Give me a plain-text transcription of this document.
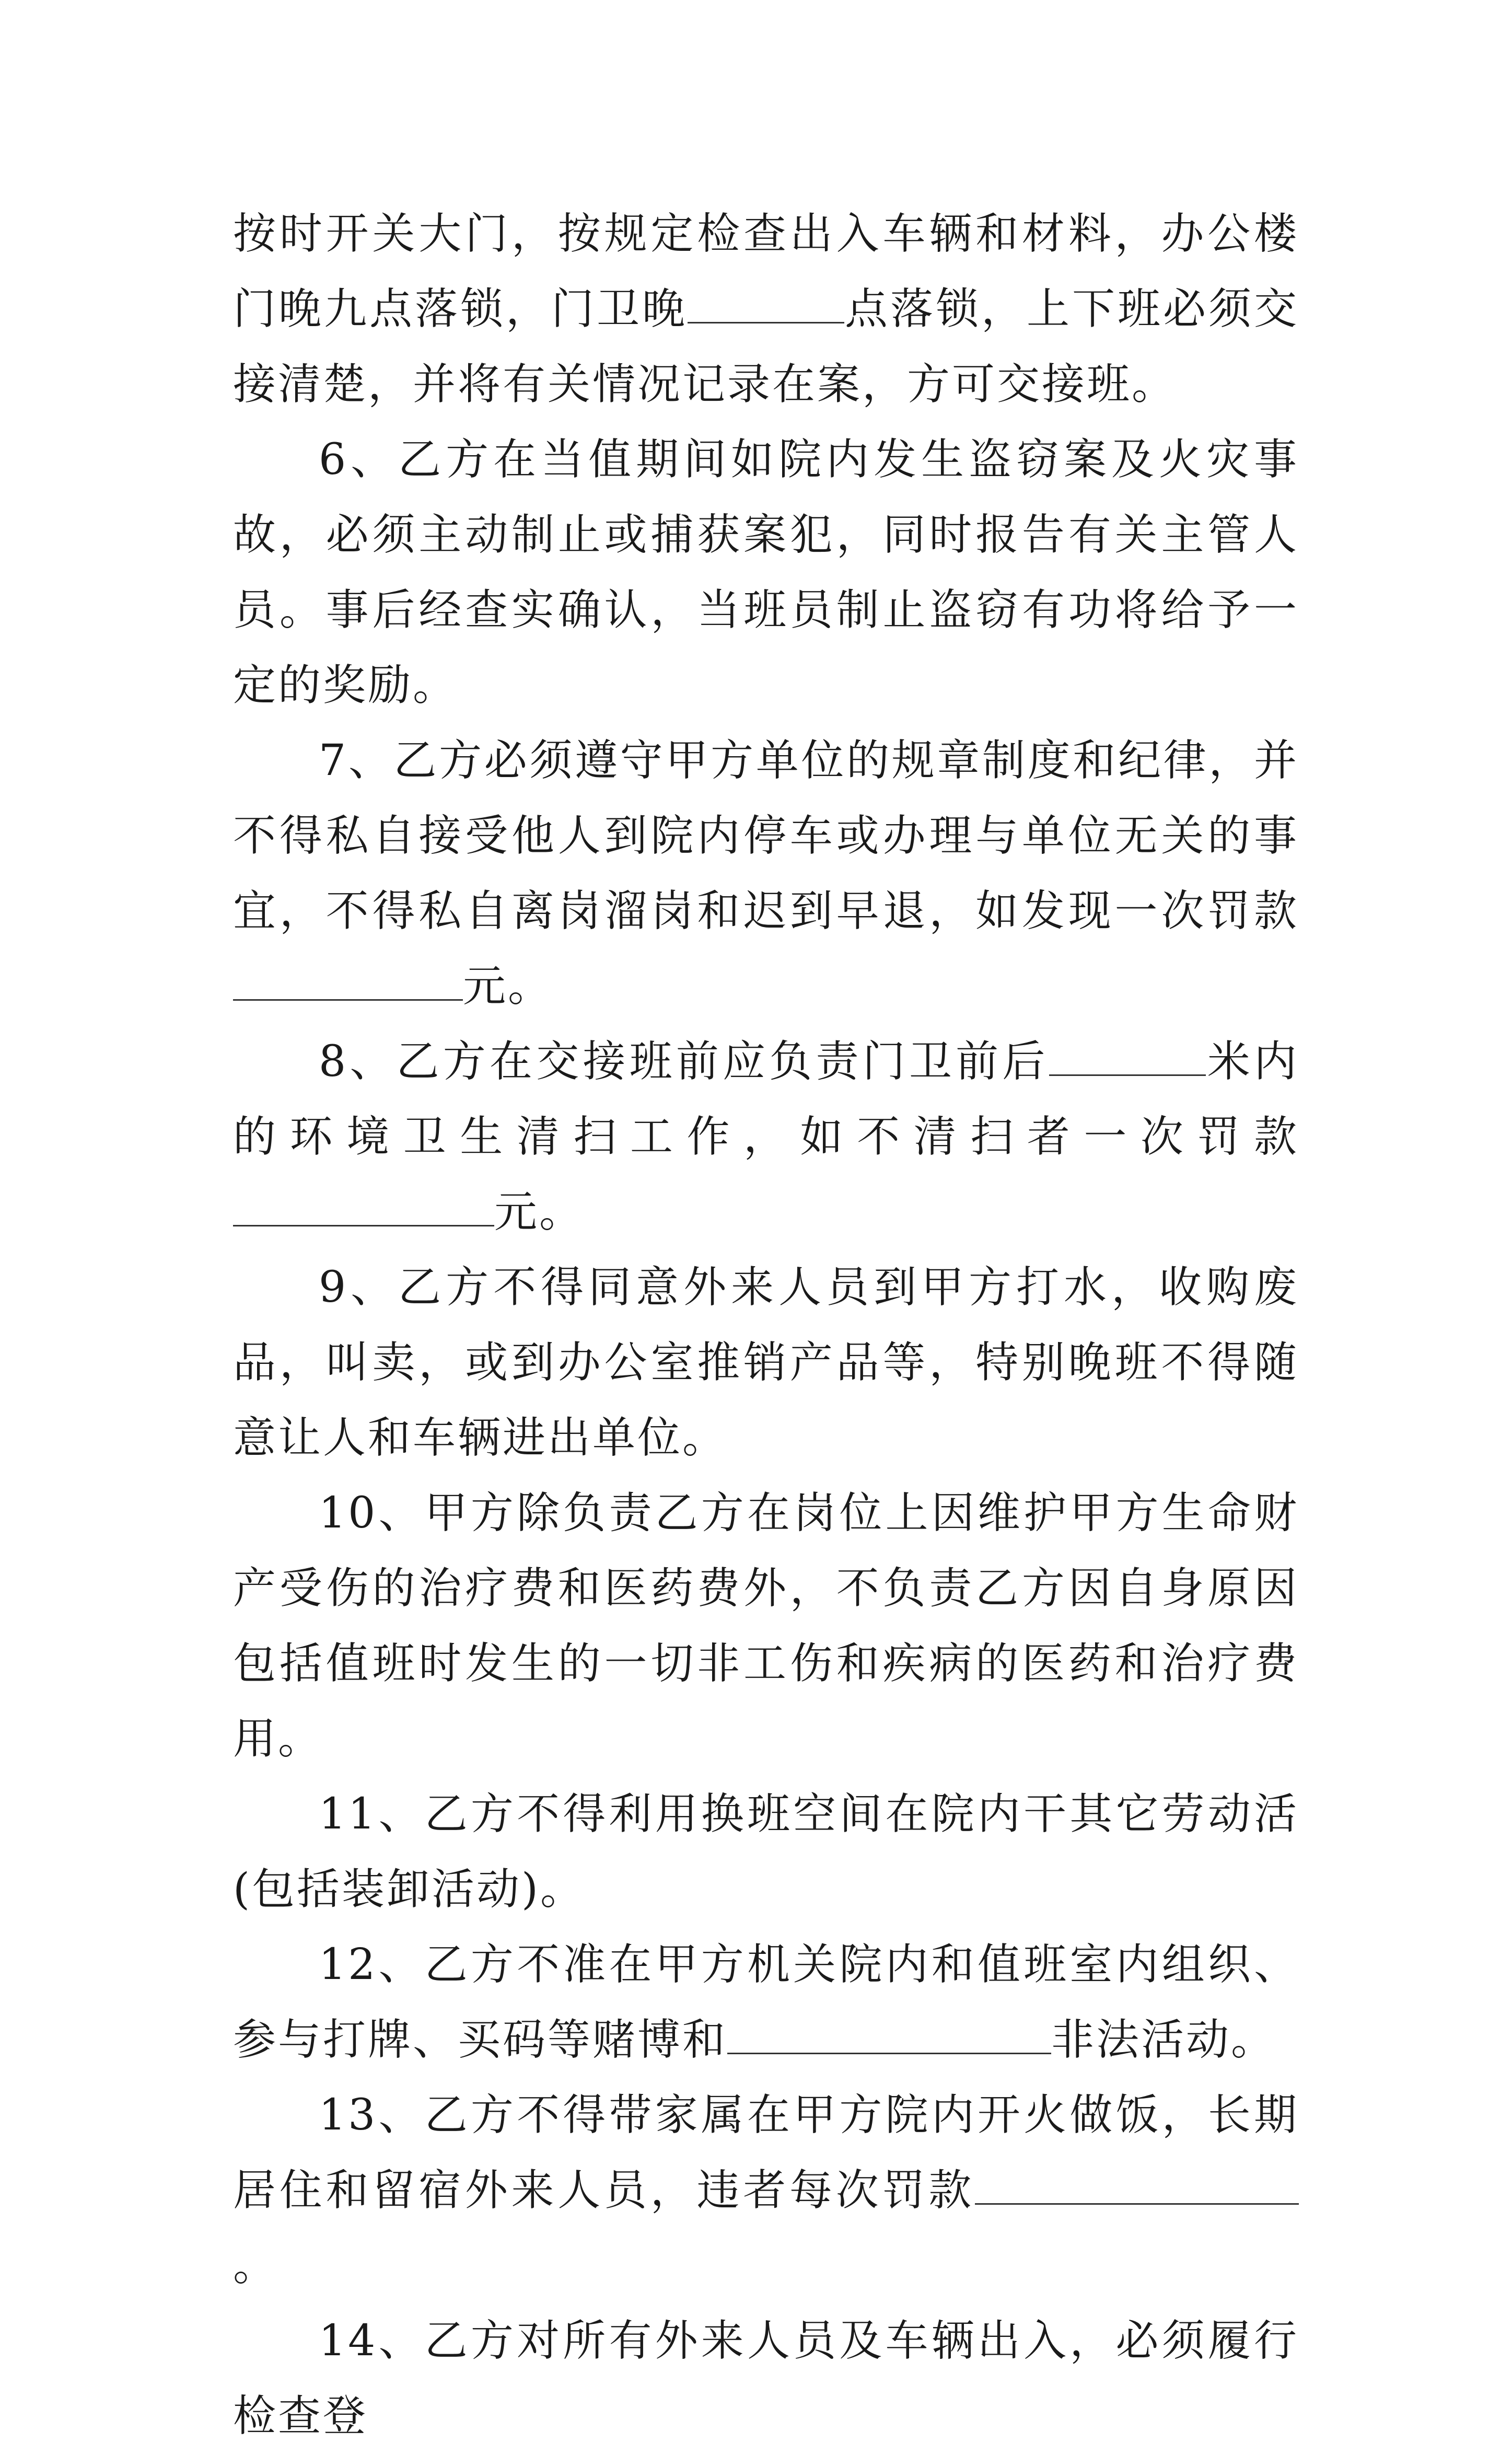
按时开关大门，按规定检查出入车辆和材料，办公楼门晚九点落锁，门卫晚	点落锁，上下班必须交接清楚，并将有关情况记录在案，方可交接班。

6、乙方在当值期间如院内发生盗窃案及火灾事故，必须主动制止或捕获案犯，同时报告有关主管人员。事后经查实确认，当班员制止盗窃有功将给予一定的奖励。

7、乙方必须遵守甲方单位的规章制度和纪律，并不得私自接受他人到院内停车或办理与单位无关的事宜，不得私自离岗溜岗和迟到早退，如发现一次罚款元。

8、乙方在交接班前应负责门卫前后	米内的环境卫生清扫工作，如不清扫者一次罚款元。

9、乙方不得同意外来人员到甲方打水，收购废品，叫卖，或到办公室推销产品等，特别晚班不得随意让人和车辆进出单位。

10、甲方除负责乙方在岗位上因维护甲方生命财产受伤的治疗费和医药费外，不负责乙方因自身原因包括值班时发生的一切非工伤和疾病的医药和治疗费用。

11、乙方不得利用换班空间在院内干其它劳动活(包括装卸活动)。

12、乙方不准在甲方机关院内和值班室内组织、参与打牌、买码等赌博和	非法活动。

13、乙方不得带家属在甲方院内开火做饭，长期居住和留宿外来人员，违者每次罚款。

14、乙方对所有外来人员及车辆出入，必须履行检查登
